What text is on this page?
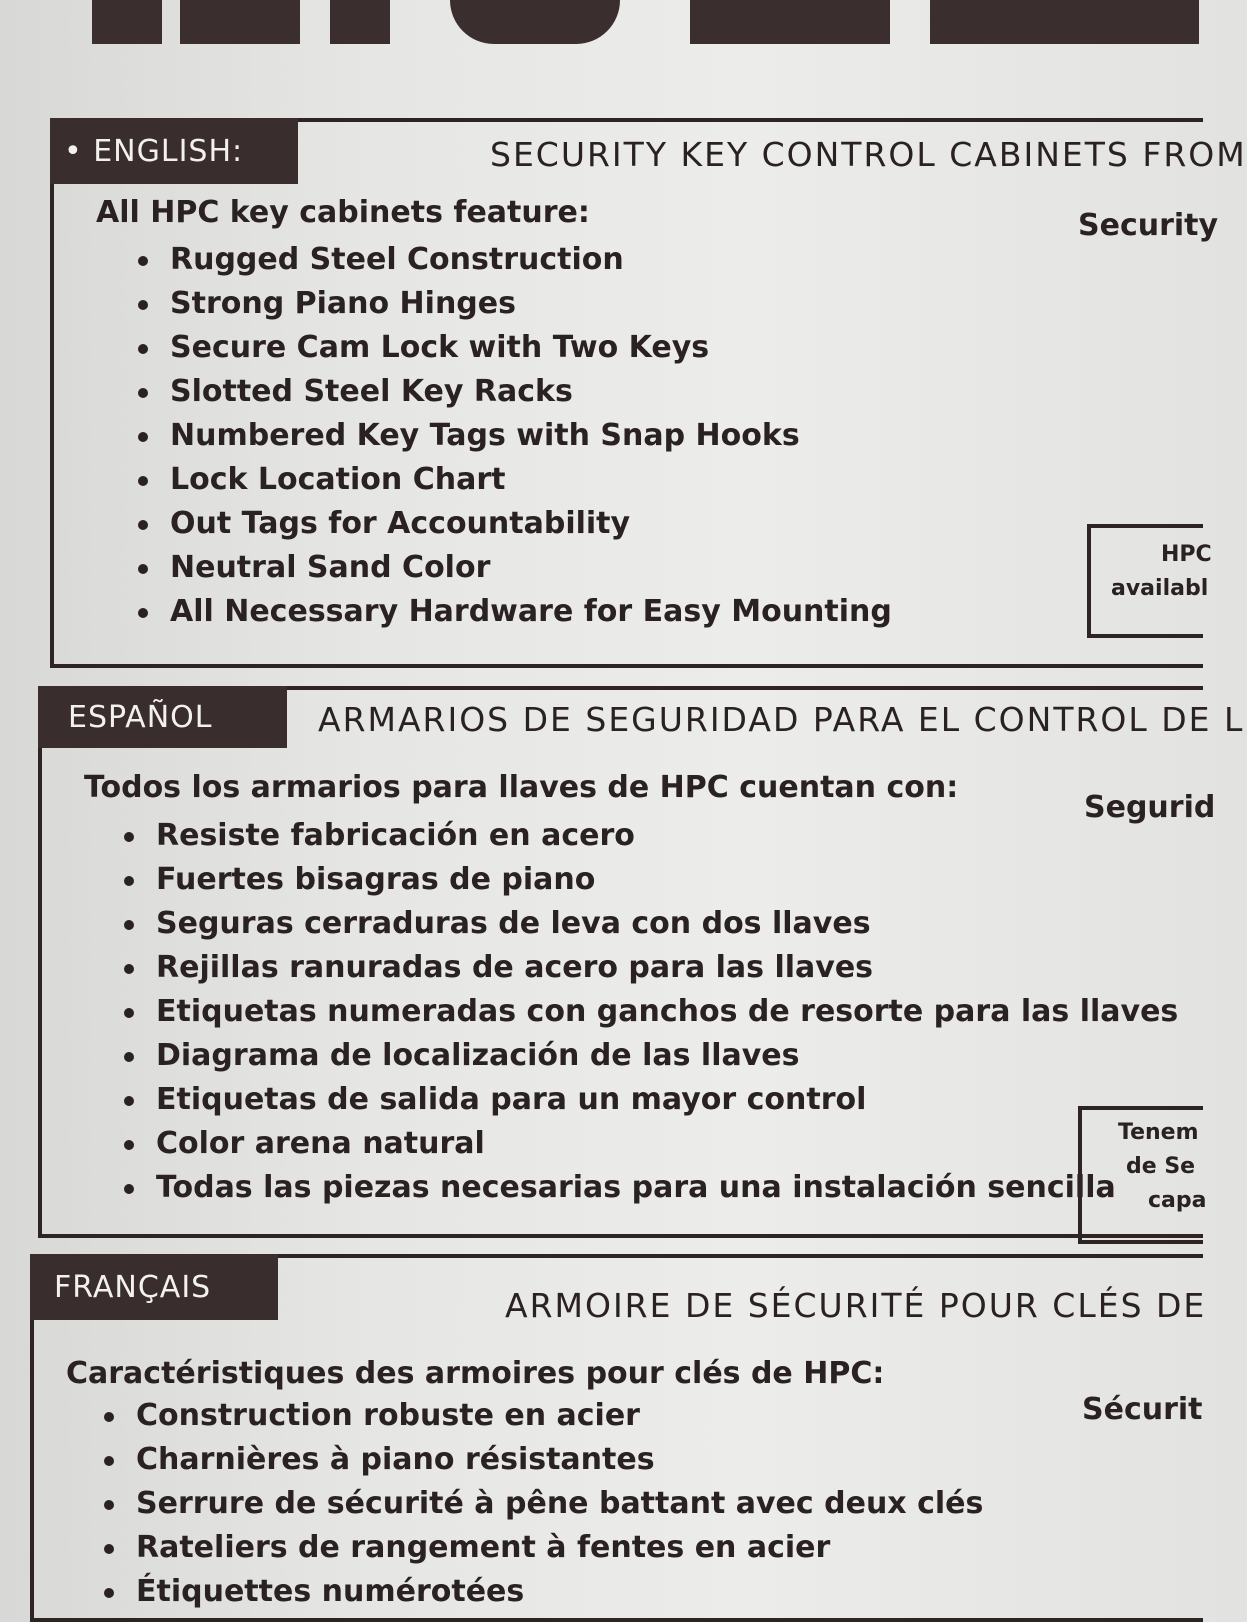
• ENGLISH:	SECURITY KEY CONTROL CABINETS FROM
All HPC key cabinets feature:	Security
Rugged Steel Construction
Strong Piano Hinges
Secure Cam Lock with Two Keys
Slotted Steel Key Racks
Numbered Key Tags with Snap Hooks
Lock Location Chart
Out Tags for Accountability
Neutral Sand Color
All Necessary Hardware for Easy Mounting
HPC
availabl
ESPAÑOL	ARMARIOS DE SEGURIDAD PARA EL CONTROL DE L
Todos los armarios para llaves de HPC cuentan con:
Segurid
Resiste fabricación en acero
Fuertes bisagras de piano
Seguras cerraduras de leva con dos llaves
Rejillas ranuradas de acero para las llaves
Etiquetas numeradas con ganchos de resorte para las llaves
Diagrama de localización de las llaves
Etiquetas de salida para un mayor control
Color arena natural
Todas las piezas necesarias para una instalación sencilla
Tenem
de Se
capa
FRANÇAIS	ARMOIRE DE SÉCURITÉ POUR CLÉS DE
Caractéristiques des armoires pour clés de HPC:
Sécurit
Construction robuste en acier
Charnières à piano résistantes
Serrure de sécurité à pêne battant avec deux clés
Rateliers de rangement à fentes en acier
Étiquettes numérotées
